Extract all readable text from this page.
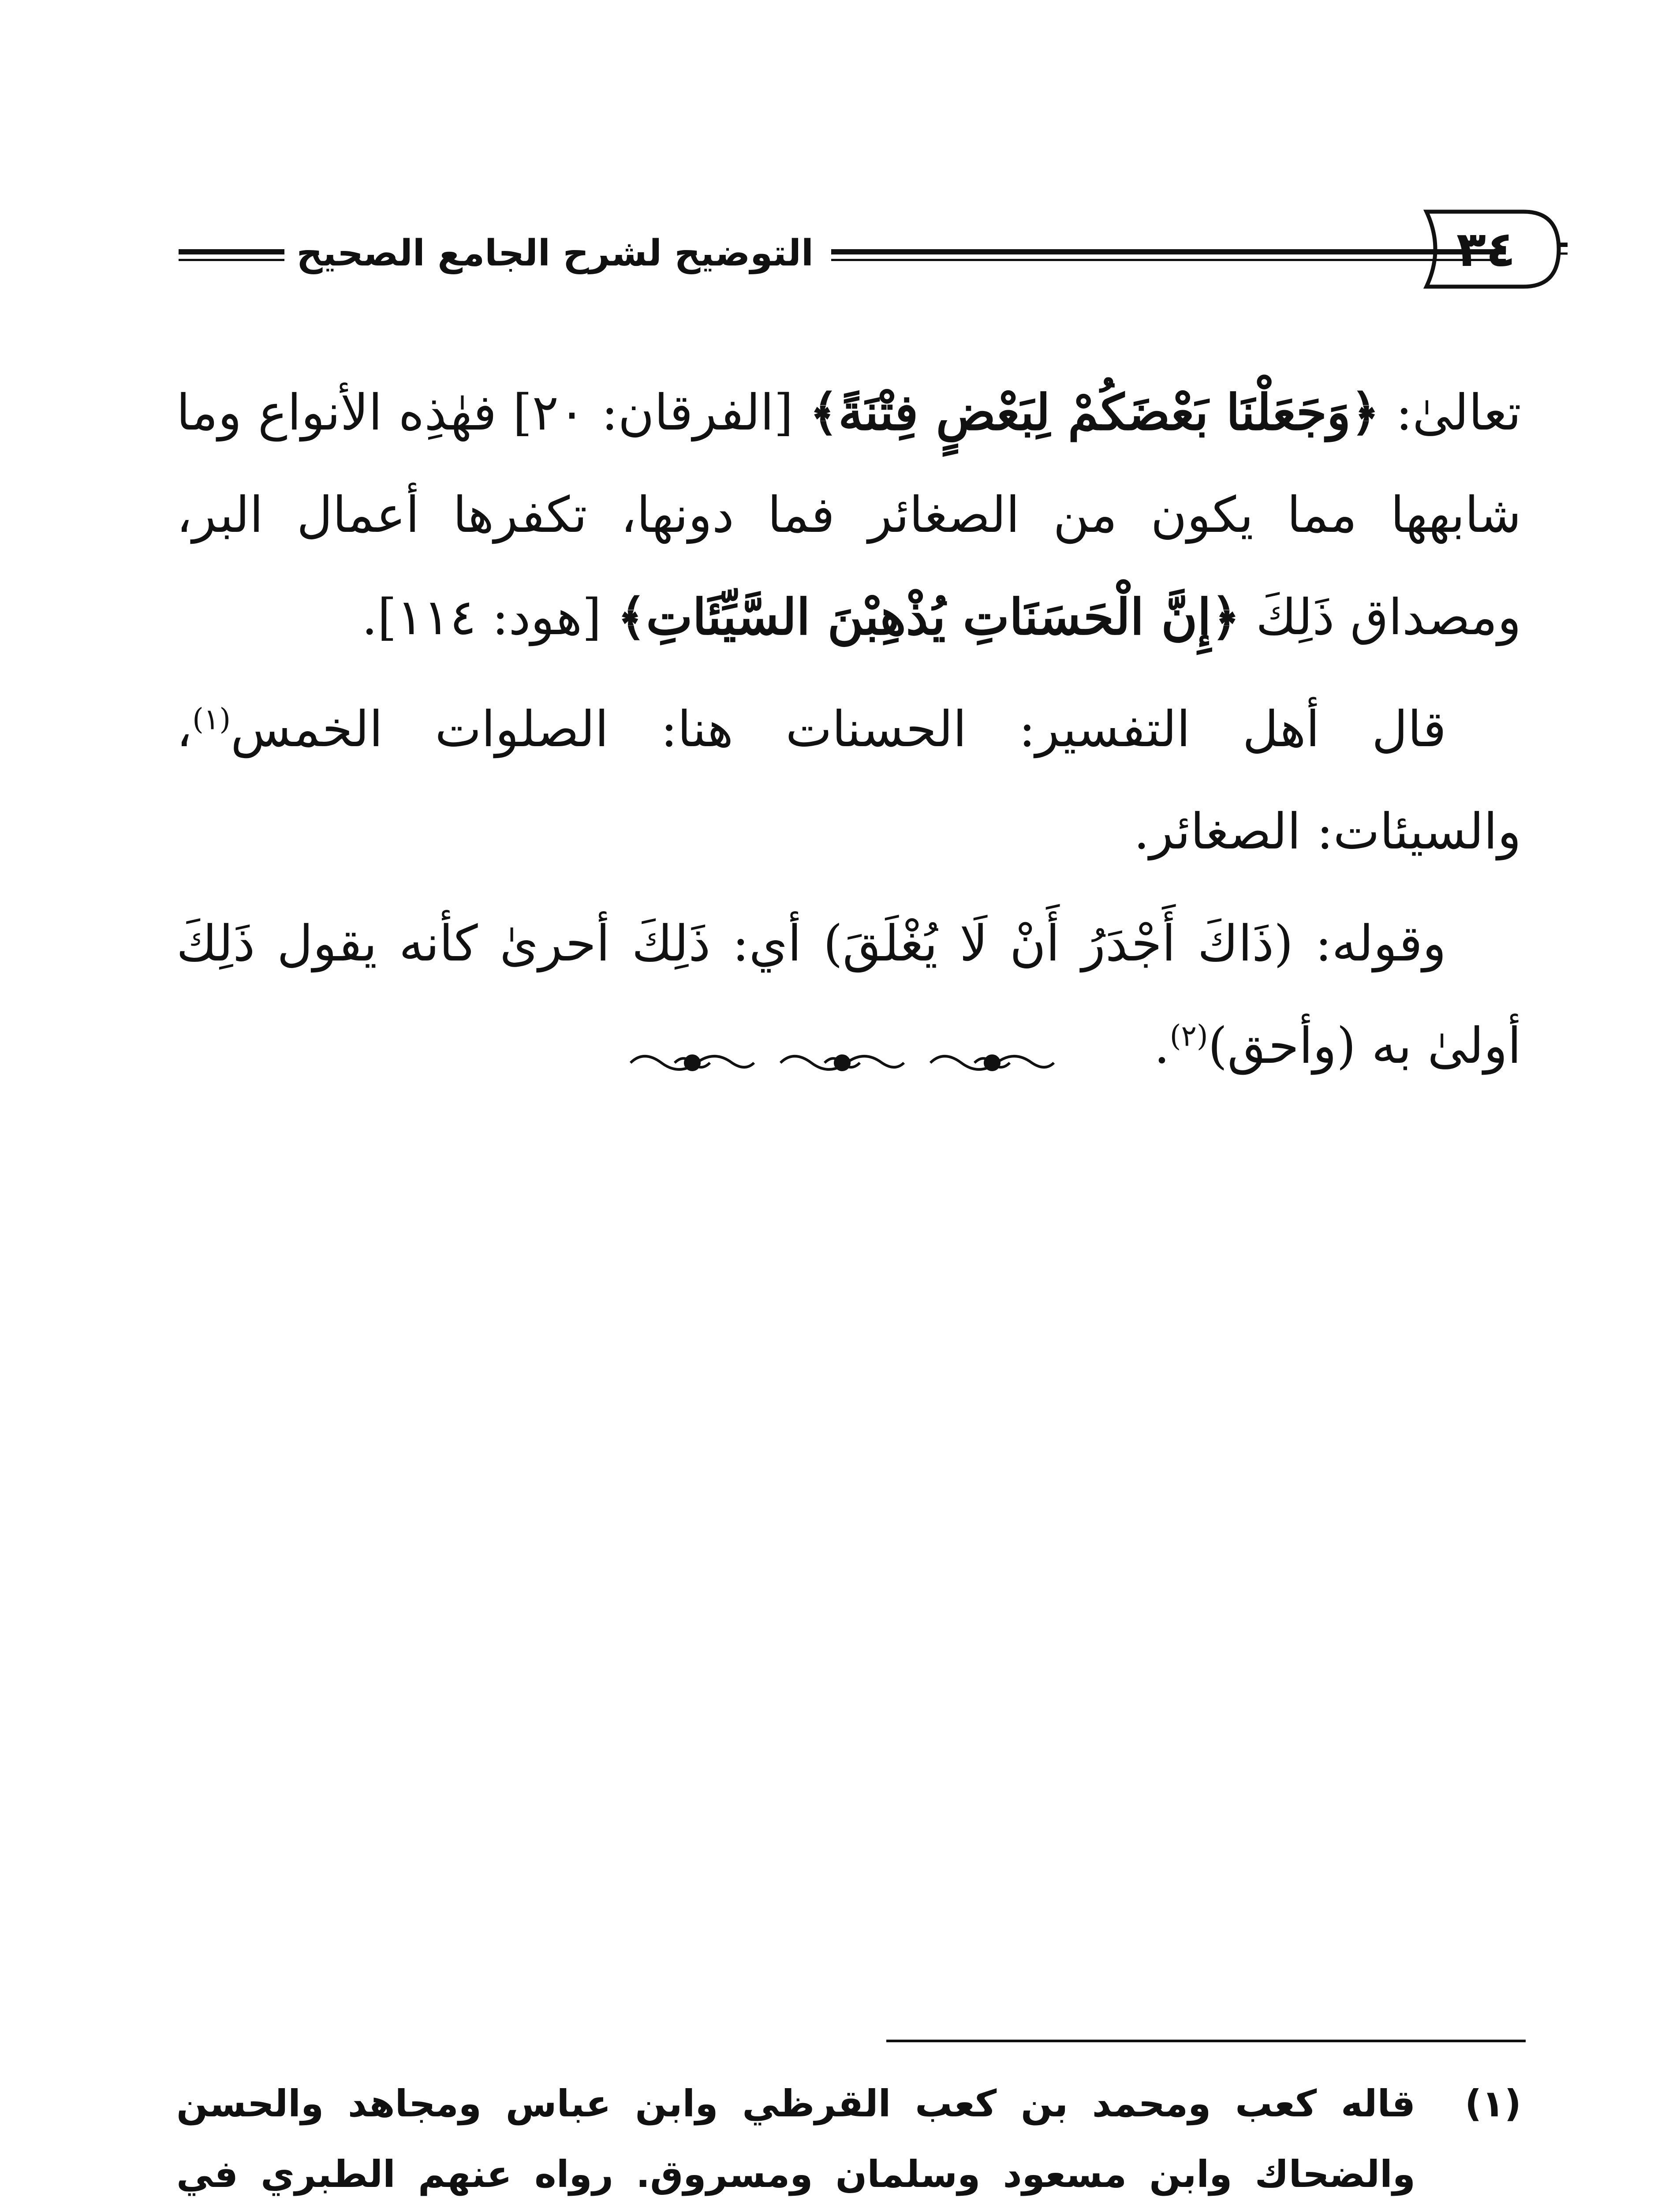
التوضيح لشرح الجامع الصحيح	٣٤

تعالىٰ: ﴿وَجَعَلْنَا بَعْضَكُمْ لِبَعْضٍ فِتْنَةً﴾ [الفرقان: ٢٠] فهٰذِه الأنواع وما شابهها مما يكون من الصغائر فما دونها، تكفرها أعمال البر، ومصداق ذَلِكَ ﴿إِنَّ الْحَسَنَاتِ يُذْهِبْنَ السَّيِّئَاتِ﴾ [هود: ١١٤].

قال أهل التفسير: الحسنات هنا: الصلوات الخمس$^{(١)}$، والسيئات: الصغائر.

وقوله: (ذَاكَ أَجْدَرُ أَنْ لَا يُغْلَقَ) أي: ذَلِكَ أحرىٰ كأنه يقول ذَلِكَ أولىٰ به (وأحق)$^{(٢)}$.

(١)
قاله كعب ومحمد بن كعب القرظي وابن عباس ومجاهد والحسن والضحاك وابن مسعود وسلمان ومسروق. رواه عنهم الطبري في
